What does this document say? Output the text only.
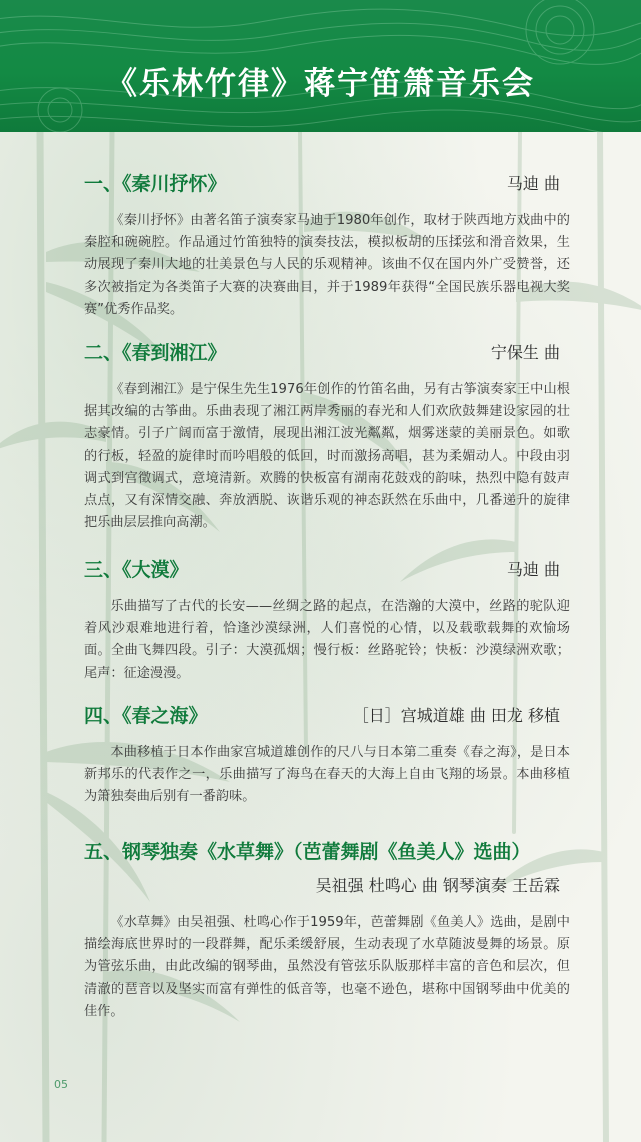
《乐林竹律》蒋宁笛箫音乐会
一、《秦川抒怀》	马迪 曲
《秦川抒怀》由著名笛子演奏家马迪于1980年创作，取材于陕西地方戏曲中的秦腔和碗碗腔。作品通过竹笛独特的演奏技法，模拟板胡的压揉弦和滑音效果，生动展现了秦川大地的壮美景色与人民的乐观精神。该曲不仅在国内外广受赞誉，还多次被指定为各类笛子大赛的决赛曲目，并于1989年获得“全国民族乐器电视大奖赛”优秀作品奖。
二、《春到湘江》	宁保生 曲
《春到湘江》是宁保生先生1976年创作的竹笛名曲，另有古筝演奏家王中山根据其改编的古筝曲。乐曲表现了湘江两岸秀丽的春光和人们欢欣鼓舞建设家园的壮志豪情。引子广阔而富于激情，展现出湘江波光粼粼，烟雾迷蒙的美丽景色。如歌的行板，轻盈的旋律时而吟唱般的低回，时而激扬高唱，甚为柔媚动人。中段由羽调式到宫徵调式，意境清新。欢腾的快板富有湖南花鼓戏的韵味，热烈中隐有鼓声点点，又有深情交融、奔放洒脱、诙谐乐观的神态跃然在乐曲中，几番递升的旋律把乐曲层层推向高潮。
三、《大漠》	马迪 曲
乐曲描写了古代的长安——丝绸之路的起点，在浩瀚的大漠中，丝路的驼队迎着风沙艰难地进行着，恰逢沙漠绿洲，人们喜悦的心情，以及载歌载舞的欢愉场面。全曲飞舞四段。引子：大漠孤烟；慢行板：丝路驼铃；快板：沙漠绿洲欢歌；尾声：征途漫漫。
四、《春之海》	［日］宫城道雄 曲 田龙 移植
本曲移植于日本作曲家宫城道雄创作的尺八与日本第二重奏《春之海》，是日本新邦乐的代表作之一，乐曲描写了海鸟在春天的大海上自由飞翔的场景。本曲移植为箫独奏曲后别有一番韵味。
五、钢琴独奏《水草舞》（芭蕾舞剧《鱼美人》选曲）
吴祖强 杜鸣心 曲 钢琴演奏 王岳霖
《水草舞》由吴祖强、杜鸣心作于1959年，芭蕾舞剧《鱼美人》选曲，是剧中描绘海底世界时的一段群舞，配乐柔缓舒展，生动表现了水草随波曼舞的场景。原为管弦乐曲，由此改编的钢琴曲，虽然没有管弦乐队版那样丰富的音色和层次，但清澈的琶音以及坚实而富有弹性的低音等，也毫不逊色，堪称中国钢琴曲中优美的佳作。
05
